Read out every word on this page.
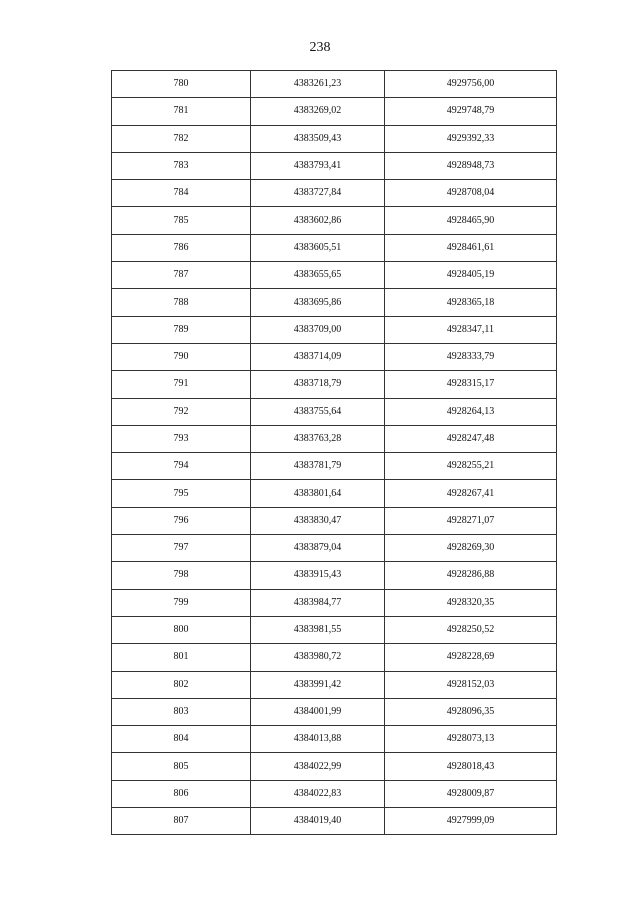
238
780	4383261,23	4929756,00
781	4383269,02	4929748,79
782	4383509,43	4929392,33
783	4383793,41	4928948,73
784	4383727,84	4928708,04
785	4383602,86	4928465,90
786	4383605,51	4928461,61
787	4383655,65	4928405,19
788	4383695,86	4928365,18
789	4383709,00	4928347,11
790	4383714,09	4928333,79
791	4383718,79	4928315,17
792	4383755,64	4928264,13
793	4383763,28	4928247,48
794	4383781,79	4928255,21
795	4383801,64	4928267,41
796	4383830,47	4928271,07
797	4383879,04	4928269,30
798	4383915,43	4928286,88
799	4383984,77	4928320,35
800	4383981,55	4928250,52
801	4383980,72	4928228,69
802	4383991,42	4928152,03
803	4384001,99	4928096,35
804	4384013,88	4928073,13
805	4384022,99	4928018,43
806	4384022,83	4928009,87
807	4384019,40	4927999,09
